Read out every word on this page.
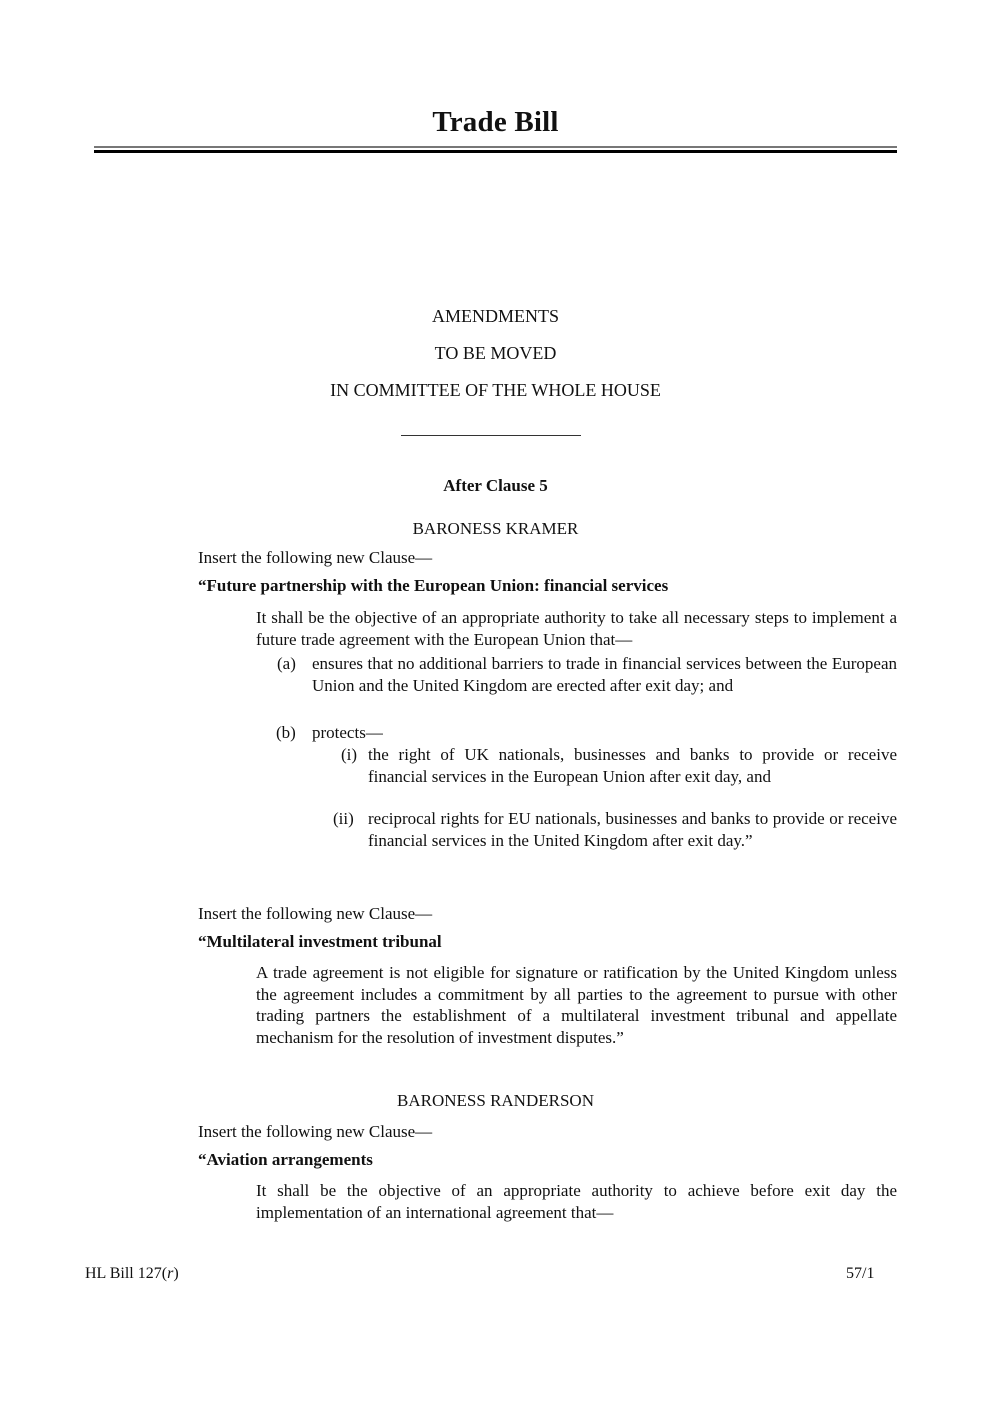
Trade Bill
AMENDMENTS
TO BE MOVED
IN COMMITTEE OF THE WHOLE HOUSE
After Clause 5
BARONESS KRAMER
Insert the following new Clause—
“Future partnership with the European Union: financial services
It shall be the objective of an appropriate authority to take all necessary steps to implement a future trade agreement with the European Union that—
(a) ensures that no additional barriers to trade in financial services between the European Union and the United Kingdom are erected after exit day; and
(b) protects—
(i) the right of UK nationals, businesses and banks to provide or receive financial services in the European Union after exit day, and
(ii) reciprocal rights for EU nationals, businesses and banks to provide or receive financial services in the United Kingdom after exit day.”
Insert the following new Clause—
“Multilateral investment tribunal
A trade agreement is not eligible for signature or ratification by the United Kingdom unless the agreement includes a commitment by all parties to the agreement to pursue with other trading partners the establishment of a multilateral investment tribunal and appellate mechanism for the resolution of investment disputes.”
BARONESS RANDERSON
Insert the following new Clause—
“Aviation arrangements
It shall be the objective of an appropriate authority to achieve before exit day the implementation of an international agreement that—
HL Bill 127(r)	57/1
